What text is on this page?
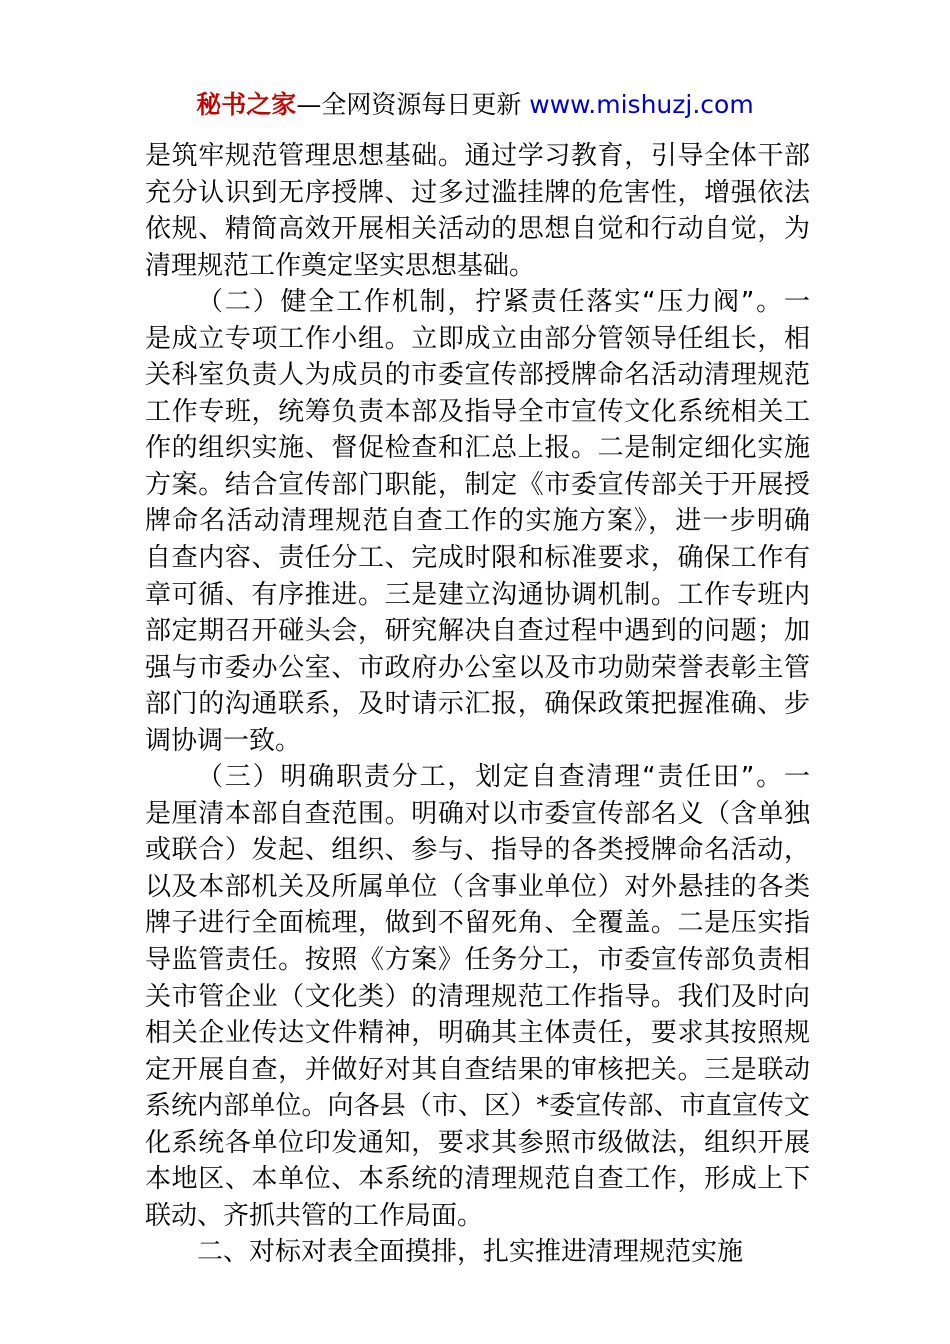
秘书之家—全网资源每日更新 www.mishuzj.com
是筑牢规范管理思想基础。通过学习教育，引导全体干部
充分认识到无序授牌、过多过滥挂牌的危害性，增强依法
依规、精简高效开展相关活动的思想自觉和行动自觉，为
清理规范工作奠定坚实思想基础。
（二）健全工作机制，拧紧责任落实“压力阀”。一
是成立专项工作小组。立即成立由部分管领导任组长，相
关科室负责人为成员的市委宣传部授牌命名活动清理规范
工作专班，统筹负责本部及指导全市宣传文化系统相关工
作的组织实施、督促检查和汇总上报。二是制定细化实施
方案。结合宣传部门职能，制定《市委宣传部关于开展授
牌命名活动清理规范自查工作的实施方案》，进一步明确
自查内容、责任分工、完成时限和标准要求，确保工作有
章可循、有序推进。三是建立沟通协调机制。工作专班内
部定期召开碰头会，研究解决自查过程中遇到的问题；加
强与市委办公室、市政府办公室以及市功勋荣誉表彰主管
部门的沟通联系，及时请示汇报，确保政策把握准确、步
调协调一致。
（三）明确职责分工，划定自查清理“责任田”。一
是厘清本部自查范围。明确对以市委宣传部名义（含单独
或联合）发起、组织、参与、指导的各类授牌命名活动，
以及本部机关及所属单位（含事业单位）对外悬挂的各类
牌子进行全面梳理，做到不留死角、全覆盖。二是压实指
导监管责任。按照《方案》任务分工，市委宣传部负责相
关市管企业（文化类）的清理规范工作指导。我们及时向
相关企业传达文件精神，明确其主体责任，要求其按照规
定开展自查，并做好对其自查结果的审核把关。三是联动
系统内部单位。向各县（市、区）*委宣传部、市直宣传文
化系统各单位印发通知，要求其参照市级做法，组织开展
本地区、本单位、本系统的清理规范自查工作，形成上下
联动、齐抓共管的工作局面。
二、对标对表全面摸排，扎实推进清理规范实施
